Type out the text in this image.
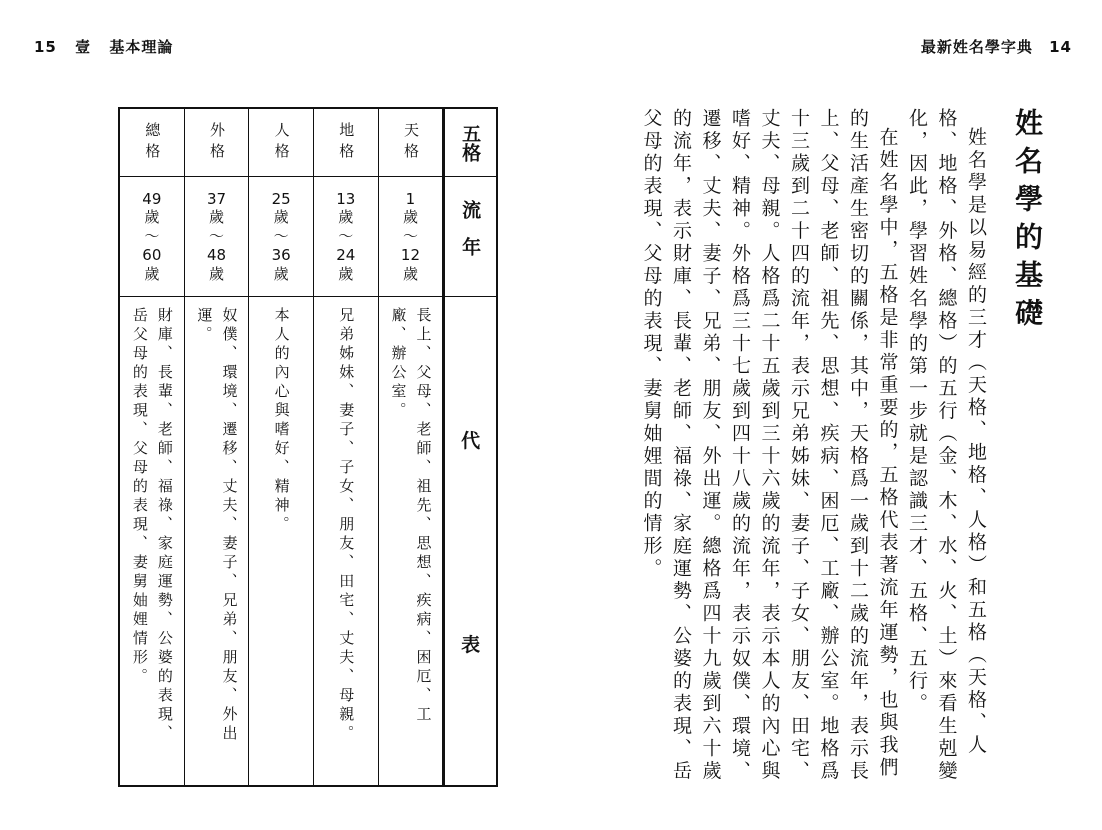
15 壹 基本理論	最新姓名學字典 14
五格
流年
代
表
天格
1
歲
〜
12
歲
長上、父母、老師、祖先、思想、疾病、困厄、工廠、辦公室。
地格
13
歲
〜
24
歲
兄弟姊妹、妻子、子女、朋友、田宅、丈夫、母親。
人格
25
歲
〜
36
歲
本人的內心與嗜好、精神。
外格
37
歲
〜
48
歲
奴僕、環境、遷移、丈夫、妻子、兄弟、朋友、外出運。
總格
49
歲
〜
60
歲
財庫、長輩、老師、福祿、家庭運勢、公婆的表現、岳父母的表現、父母的表現、妻舅妯娌情形。
姓名學的基礎

姓名學是以易經的三才（天格、地格、人格）和五格（天格、人格、地格、外格、總格）的五行（金、木、水、火、土）來看生剋變化，因此，學習姓名學的第一步就是認識三才、五格、五行。

在姓名學中，五格是非常重要的，五格代表著流年運勢，也與我們的生活產生密切的關係，其中，天格爲一歲到十二歲的流年，表示長上、父母、老師、祖先、思想、疾病、困厄、工廠、辦公室。地格爲十三歲到二十四的流年，表示兄弟姊妹、妻子、子女、朋友、田宅、丈夫、母親。人格爲二十五歲到三十六歲的流年，表示本人的內心與嗜好、精神。外格爲三十七歲到四十八歲的流年，表示奴僕、環境、遷移、丈夫、妻子、兄弟、朋友、外出運。總格爲四十九歲到六十歲的流年，表示財庫、長輩、老師、福祿、家庭運勢、公婆的表現、岳父母的表現、父母的表現、妻舅妯娌間的情形。
